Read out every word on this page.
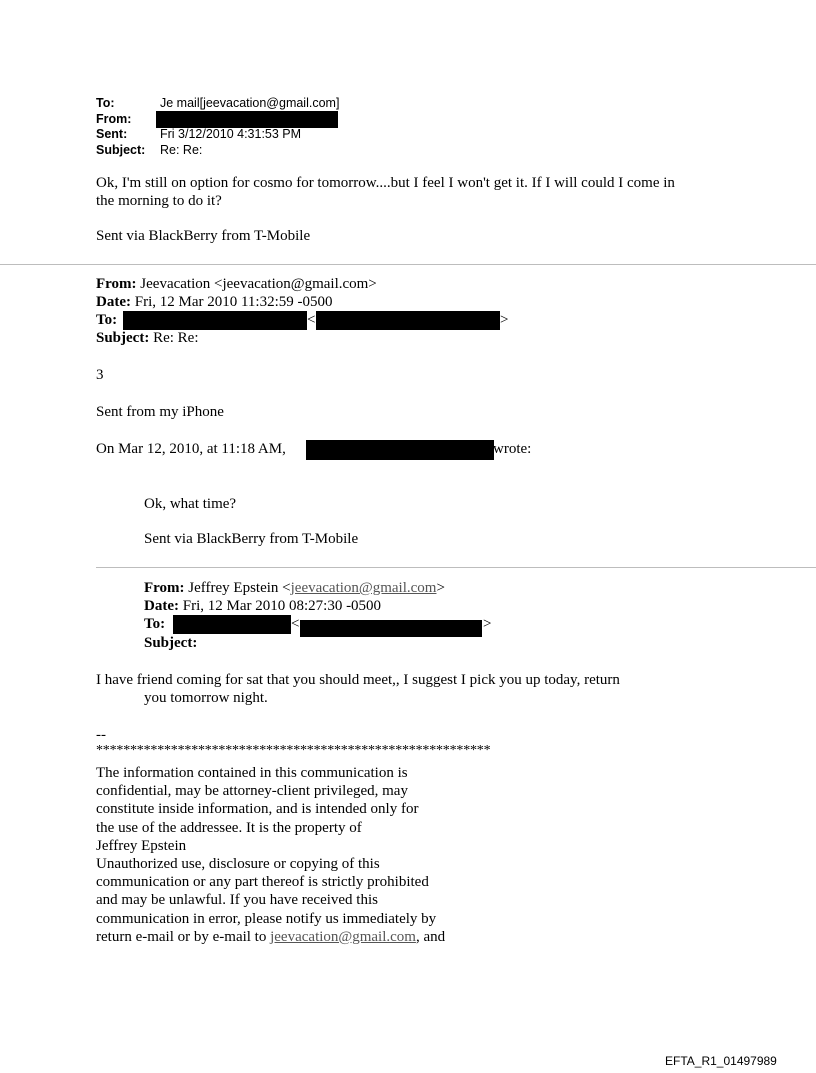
To:	Je mail[jeevacation@gmail.com]
From:
Sent:	Fri 3/12/2010 4:31:53 PM
Subject: Re: Re:
Ok, I'm still on option for cosmo for tomorrow....but I feel I won't get it. If I will could I come in
the morning to do it?
Sent via BlackBerry from T-Mobile
From: Jeevacation <jeevacation@gmail.com>
Date: Fri, 12 Mar 2010 11:32:59 -0500
To:	<	>
Subject: Re: Re:
3
Sent from my iPhone
On Mar 12, 2010, at 11:18 AM,	wrote:
Ok, what time?
Sent via BlackBerry from T-Mobile
From: Jeffrey Epstein <jeevacation@gmail.com>
Date: Fri, 12 Mar 2010 08:27:30 -0500
To:	<	>
Subject:
I have friend coming for sat that you should meet,, I suggest I pick you up today, return
you tomorrow night.
--
**********************************************************
The information contained in this communication is
confidential, may be attorney-client privileged, may
constitute inside information, and is intended only for
the use of the addressee. It is the property of
Jeffrey Epstein
Unauthorized use, disclosure or copying of this
communication or any part thereof is strictly prohibited
and may be unlawful. If you have received this
communication in error, please notify us immediately by
return e-mail or by e-mail to jeevacation@gmail.com, and
EFTA_R1_01497989
